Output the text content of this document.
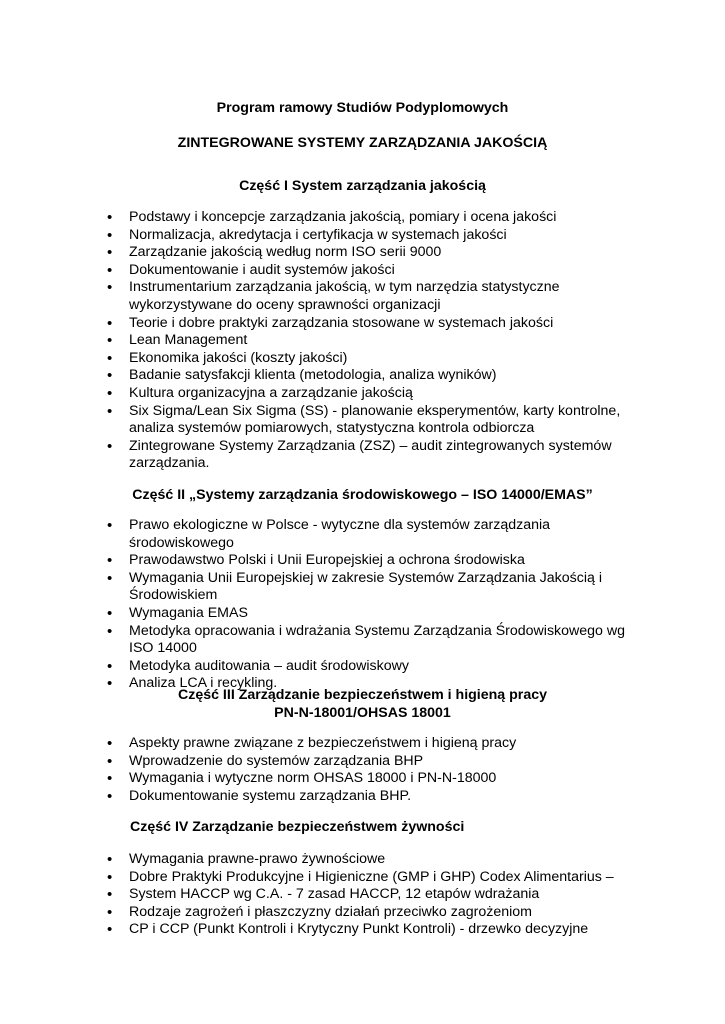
Program ramowy Studiów Podyplomowych

ZINTEGROWANE SYSTEMY ZARZĄDZANIA JAKOŚCIĄ

Część I System zarządzania jakością

• Podstawy i koncepcje zarządzania jakością, pomiary i ocena jakości
• Normalizacja, akredytacja i certyfikacja w systemach jakości
• Zarządzanie jakością według norm ISO serii 9000
• Dokumentowanie i audit systemów jakości
• Instrumentarium zarządzania jakością, w tym narzędzia statystyczne wykorzystywane do oceny sprawności organizacji
• Teorie i dobre praktyki zarządzania stosowane w systemach jakości
• Lean Management
• Ekonomika jakości (koszty jakości)
• Badanie satysfakcji klienta (metodologia, analiza wyników)
• Kultura organizacyjna a zarządzanie jakością
• Six Sigma/Lean Six Sigma (SS) - planowanie eksperymentów, karty kontrolne, analiza systemów pomiarowych, statystyczna kontrola odbiorcza
• Zintegrowane Systemy Zarządzania (ZSZ) – audit zintegrowanych systemów zarządzania.

Część II „Systemy zarządzania środowiskowego – ISO 14000/EMAS”

• Prawo ekologiczne w Polsce - wytyczne dla systemów zarządzania środowiskowego
• Prawodawstwo Polski i Unii Europejskiej a ochrona środowiska
• Wymagania Unii Europejskiej w zakresie Systemów Zarządzania Jakością i Środowiskiem
• Wymagania EMAS
• Metodyka opracowania i wdrażania Systemu Zarządzania Środowiskowego wg ISO 14000
• Metodyka auditowania – audit środowiskowy
• Analiza LCA i recykling.

Część III Zarządzanie bezpieczeństwem i higieną pracy

PN-N-18001/OHSAS 18001

• Aspekty prawne związane z bezpieczeństwem i higieną pracy
• Wprowadzenie do systemów zarządzania BHP
• Wymagania i wytyczne norm OHSAS 18000 i PN-N-18000
• Dokumentowanie systemu zarządzania BHP.

Część IV Zarządzanie bezpieczeństwem żywności

• Wymagania prawne-prawo żywnościowe
• Dobre Praktyki Produkcyjne i Higieniczne (GMP i GHP) Codex Alimentarius –
• System HACCP wg C.A. - 7 zasad HACCP, 12 etapów wdrażania
• Rodzaje zagrożeń i płaszczyzny działań przeciwko zagrożeniom
• CP i CCP (Punkt Kontroli i Krytyczny Punkt Kontroli) - drzewko decyzyjne
